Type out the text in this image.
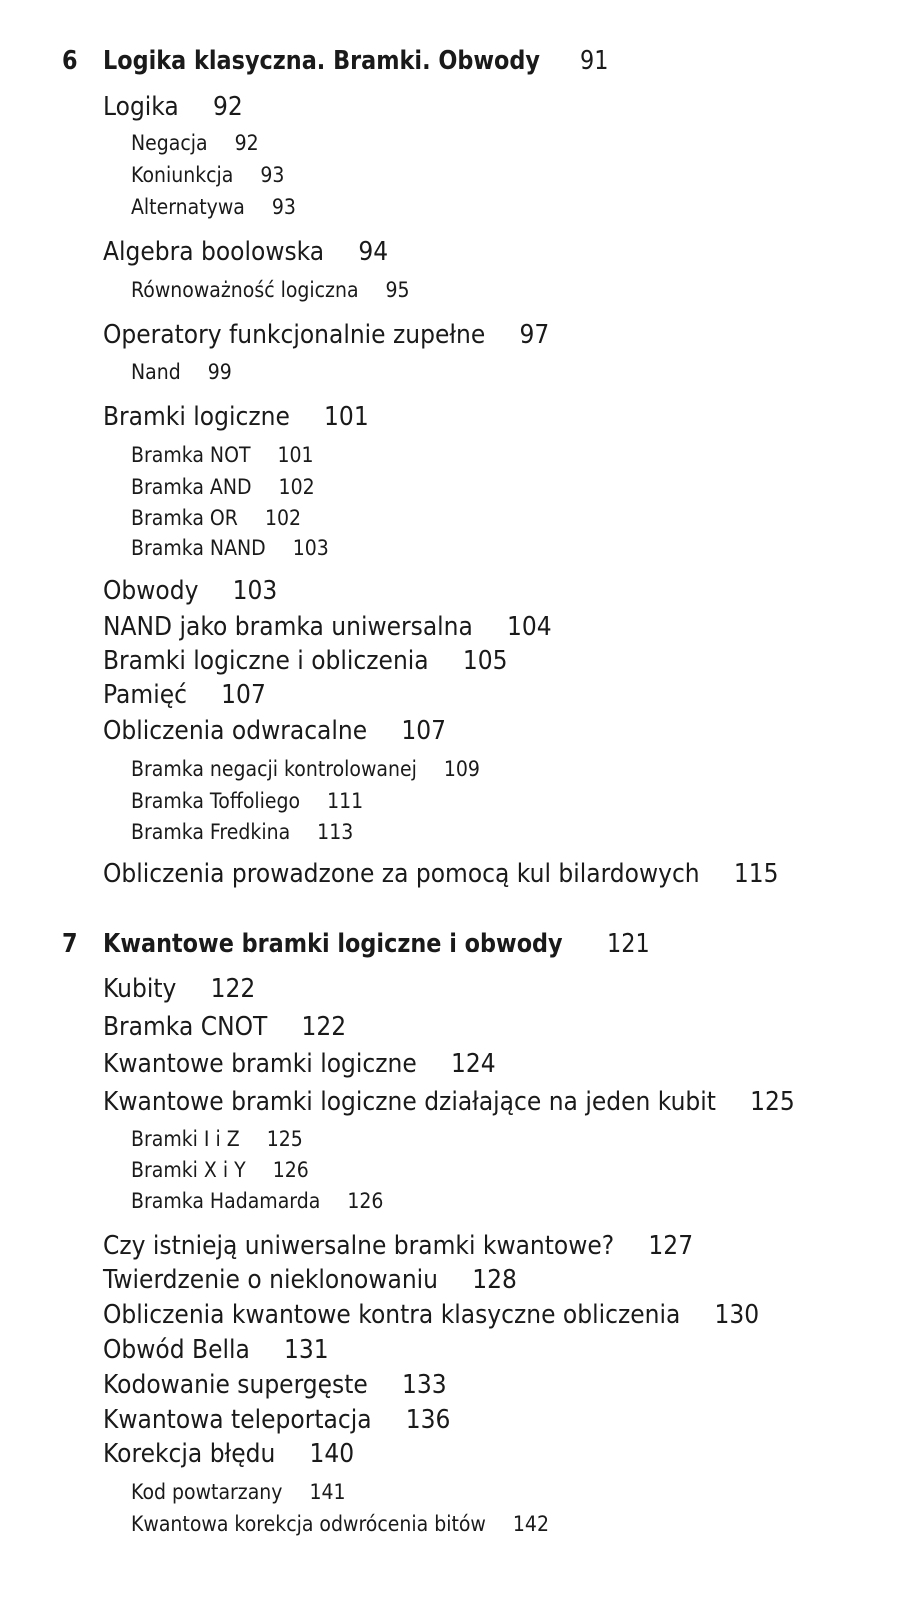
6 Logika klasyczna. Bramki. Obwody 91
Logika 92
Negacja 92
Koniunkcja 93
Alternatywa 93
Algebra boolowska 94
Równoważność logiczna 95
Operatory funkcjonalnie zupełne 97
Nand 99
Bramki logiczne 101
Bramka NOT 101
Bramka AND 102
Bramka OR 102
Bramka NAND 103
Obwody 103
NAND jako bramka uniwersalna 104
Bramki logiczne i obliczenia 105
Pamięć 107
Obliczenia odwracalne 107
Bramka negacji kontrolowanej 109
Bramka Toffoliego 111
Bramka Fredkina 113
Obliczenia prowadzone za pomocą kul bilardowych 115
7 Kwantowe bramki logiczne i obwody 121
Kubity 122
Bramka CNOT 122
Kwantowe bramki logiczne 124
Kwantowe bramki logiczne działające na jeden kubit 125
Bramki I i Z 125
Bramki X i Y 126
Bramka Hadamarda 126
Czy istnieją uniwersalne bramki kwantowe? 127
Twierdzenie o nieklonowaniu 128
Obliczenia kwantowe kontra klasyczne obliczenia 130
Obwód Bella 131
Kodowanie supergęste 133
Kwantowa teleportacja 136
Korekcja błędu 140
Kod powtarzany 141
Kwantowa korekcja odwrócenia bitów 142
